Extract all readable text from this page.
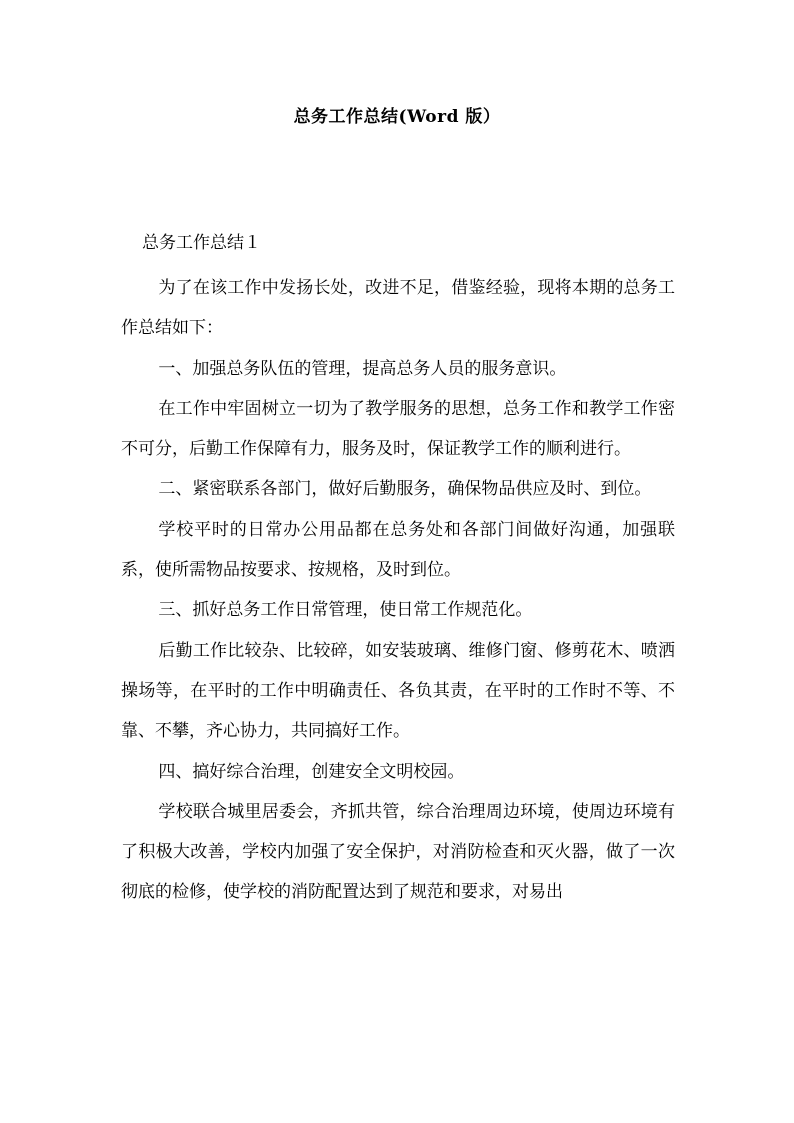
总务工作总结(Word 版）
总务工作总结１

为了在该工作中发扬长处，改进不足，借鉴经验，现将本期的总务工作总结如下：

一、加强总务队伍的管理，提高总务人员的服务意识。

在工作中牢固树立一切为了教学服务的思想，总务工作和教学工作密不可分，后勤工作保障有力，服务及时，保证教学工作的顺利进行。

二、紧密联系各部门，做好后勤服务，确保物品供应及时、到位。

学校平时的日常办公用品都在总务处和各部门间做好沟通，加强联系，使所需物品按要求、按规格，及时到位。

三、抓好总务工作日常管理，使日常工作规范化。

后勤工作比较杂、比较碎，如安装玻璃、维修门窗、修剪花木、喷洒操场等，在平时的工作中明确责任、各负其责，在平时的工作时不等、不靠、不攀，齐心协力，共同搞好工作。

四、搞好综合治理，创建安全文明校园。

学校联合城里居委会，齐抓共管，综合治理周边环境，使周边环境有了积极大改善，学校内加强了安全保护，对消防检查和灭火器，做了一次彻底的检修，使学校的消防配置达到了规范和要求，对易出
